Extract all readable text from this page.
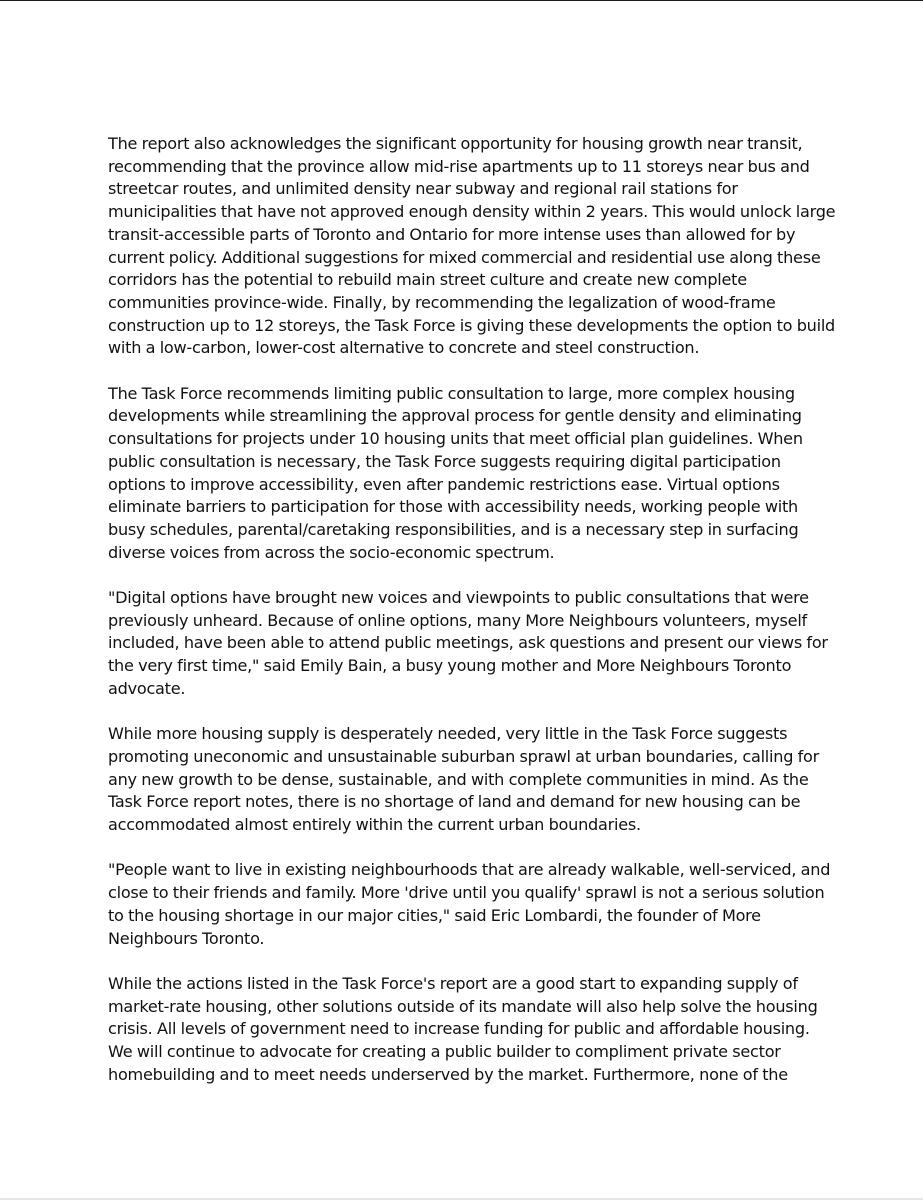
The report also acknowledges the significant opportunity for housing growth near transit,
recommending that the province allow mid-rise apartments up to 11 storeys near bus and
streetcar routes, and unlimited density near subway and regional rail stations for
municipalities that have not approved enough density within 2 years. This would unlock large
transit-accessible parts of Toronto and Ontario for more intense uses than allowed for by
current policy. Additional suggestions for mixed commercial and residential use along these
corridors has the potential to rebuild main street culture and create new complete
communities province-wide. Finally, by recommending the legalization of wood-frame
construction up to 12 storeys, the Task Force is giving these developments the option to build
with a low-carbon, lower-cost alternative to concrete and steel construction.

The Task Force recommends limiting public consultation to large, more complex housing
developments while streamlining the approval process for gentle density and eliminating
consultations for projects under 10 housing units that meet official plan guidelines. When
public consultation is necessary, the Task Force suggests requiring digital participation
options to improve accessibility, even after pandemic restrictions ease. Virtual options
eliminate barriers to participation for those with accessibility needs, working people with
busy schedules, parental/caretaking responsibilities, and is a necessary step in surfacing
diverse voices from across the socio-economic spectrum.

"Digital options have brought new voices and viewpoints to public consultations that were
previously unheard. Because of online options, many More Neighbours volunteers, myself
included, have been able to attend public meetings, ask questions and present our views for
the very first time," said Emily Bain, a busy young mother and More Neighbours Toronto
advocate.

While more housing supply is desperately needed, very little in the Task Force suggests
promoting uneconomic and unsustainable suburban sprawl at urban boundaries, calling for
any new growth to be dense, sustainable, and with complete communities in mind. As the
Task Force report notes, there is no shortage of land and demand for new housing can be
accommodated almost entirely within the current urban boundaries.

"People want to live in existing neighbourhoods that are already walkable, well-serviced, and
close to their friends and family. More 'drive until you qualify' sprawl is not a serious solution
to the housing shortage in our major cities," said Eric Lombardi, the founder of More
Neighbours Toronto.

While the actions listed in the Task Force's report are a good start to expanding supply of
market-rate housing, other solutions outside of its mandate will also help solve the housing
crisis. All levels of government need to increase funding for public and affordable housing.
We will continue to advocate for creating a public builder to compliment private sector
homebuilding and to meet needs underserved by the market. Furthermore, none of the
